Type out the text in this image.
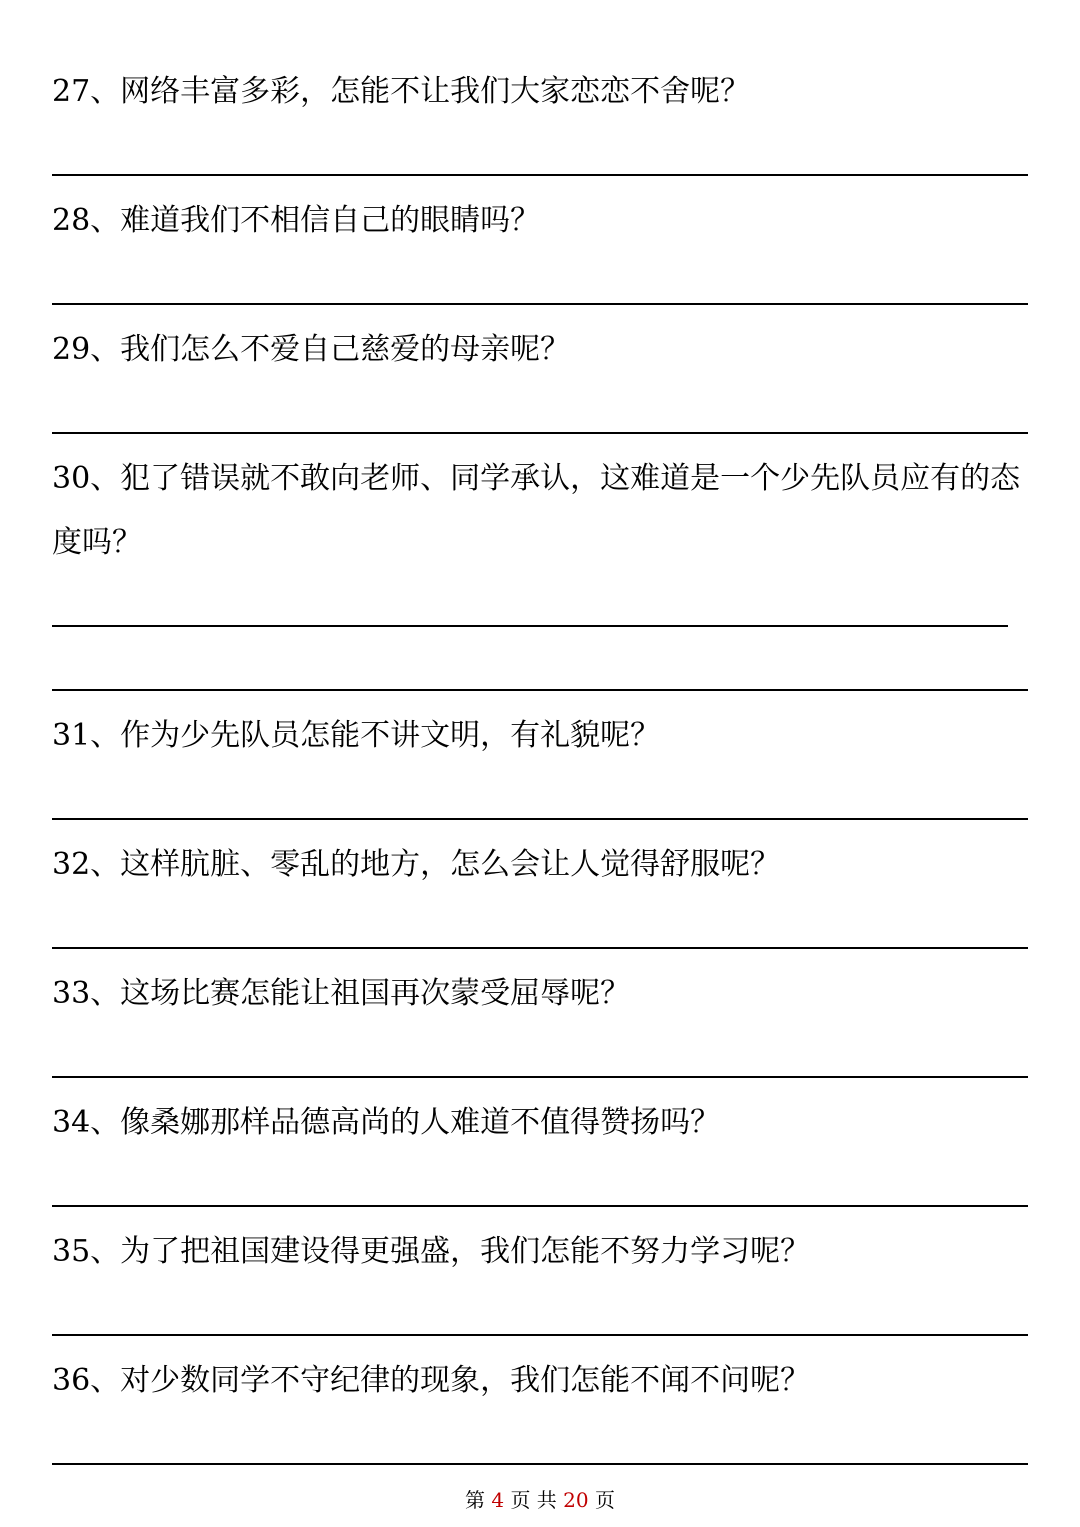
27、网络丰富多彩，怎能不让我们大家恋恋不舍呢？
28、难道我们不相信自己的眼睛吗？
29、我们怎么不爱自己慈爱的母亲呢？
30、犯了错误就不敢向老师、同学承认，这难道是一个少先队员应有的态度吗？
31、作为少先队员怎能不讲文明，有礼貌呢？
32、这样肮脏、零乱的地方，怎么会让人觉得舒服呢？
33、这场比赛怎能让祖国再次蒙受屈辱呢？
34、像桑娜那样品德高尚的人难道不值得赞扬吗？
35、为了把祖国建设得更强盛，我们怎能不努力学习呢？
36、对少数同学不守纪律的现象，我们怎能不闻不问呢？
第 4 页 共 20 页
